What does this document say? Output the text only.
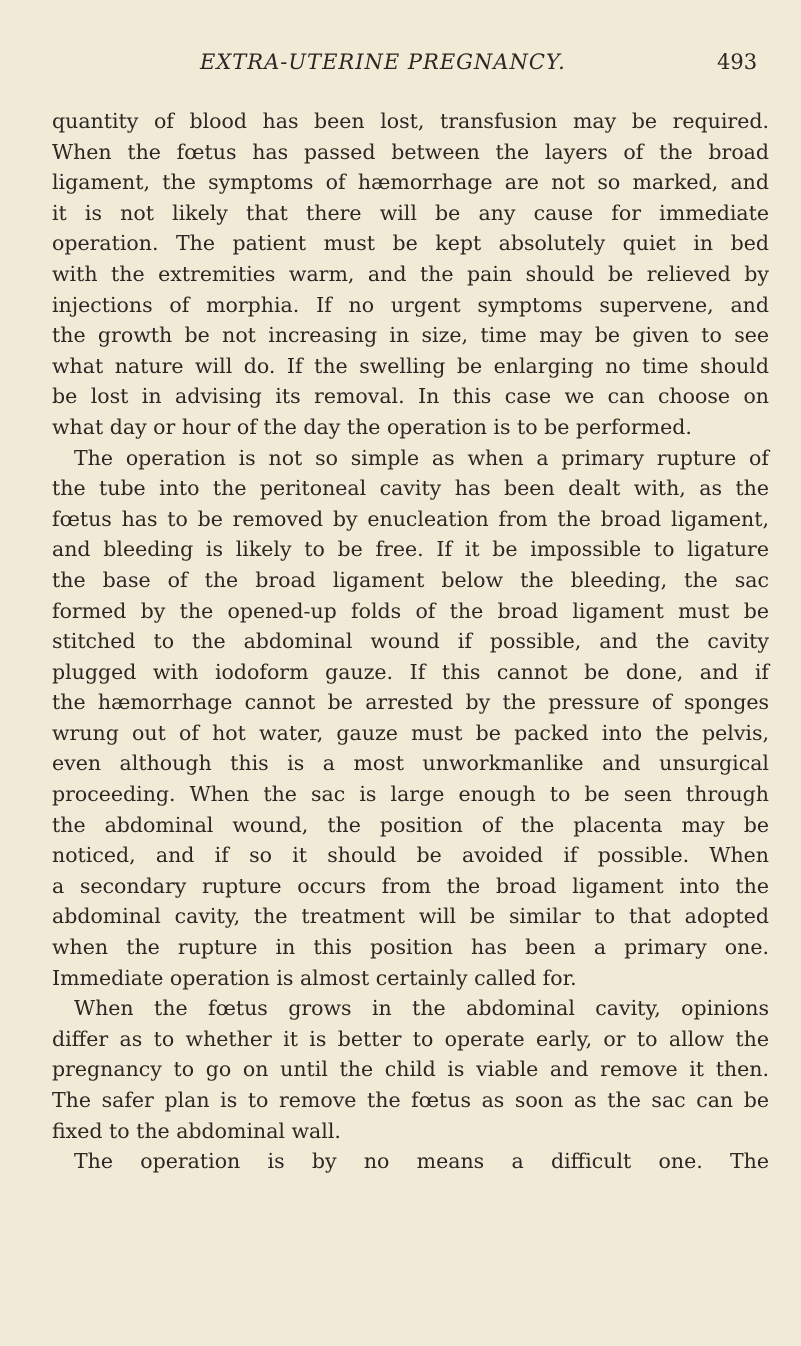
EXTRA-UTERINE PREGNANCY.	493
quantity of blood has been lost, transfusion may be required.
When the fœtus has passed between the layers of the broad
ligament, the symptoms of hæmorrhage are not so marked, and
it is not likely that there will be any cause for immediate
operation. The patient must be kept absolutely quiet in bed
with the extremities warm, and the pain should be relieved by
injections of morphia. If no urgent symptoms supervene, and
the growth be not increasing in size, time may be given to see
what nature will do. If the swelling be enlarging no time should
be lost in advising its removal. In this case we can choose on
what day or hour of the day the operation is to be performed.
The operation is not so simple as when a primary rupture of
the tube into the peritoneal cavity has been dealt with, as the
fœtus has to be removed by enucleation from the broad ligament,
and bleeding is likely to be free. If it be impossible to ligature
the base of the broad ligament below the bleeding, the sac
formed by the opened-up folds of the broad ligament must be
stitched to the abdominal wound if possible, and the cavity
plugged with iodoform gauze. If this cannot be done, and if
the hæmorrhage cannot be arrested by the pressure of sponges
wrung out of hot water, gauze must be packed into the pelvis,
even although this is a most unworkmanlike and unsurgical
proceeding. When the sac is large enough to be seen through
the abdominal wound, the position of the placenta may be
noticed, and if so it should be avoided if possible. When
a secondary rupture occurs from the broad ligament into the
abdominal cavity, the treatment will be similar to that adopted
when the rupture in this position has been a primary one.
Immediate operation is almost certainly called for.
When the fœtus grows in the abdominal cavity, opinions
differ as to whether it is better to operate early, or to allow the
pregnancy to go on until the child is viable and remove it then.
The safer plan is to remove the fœtus as soon as the sac can be
fixed to the abdominal wall.
The operation is by no means a difficult one. The
